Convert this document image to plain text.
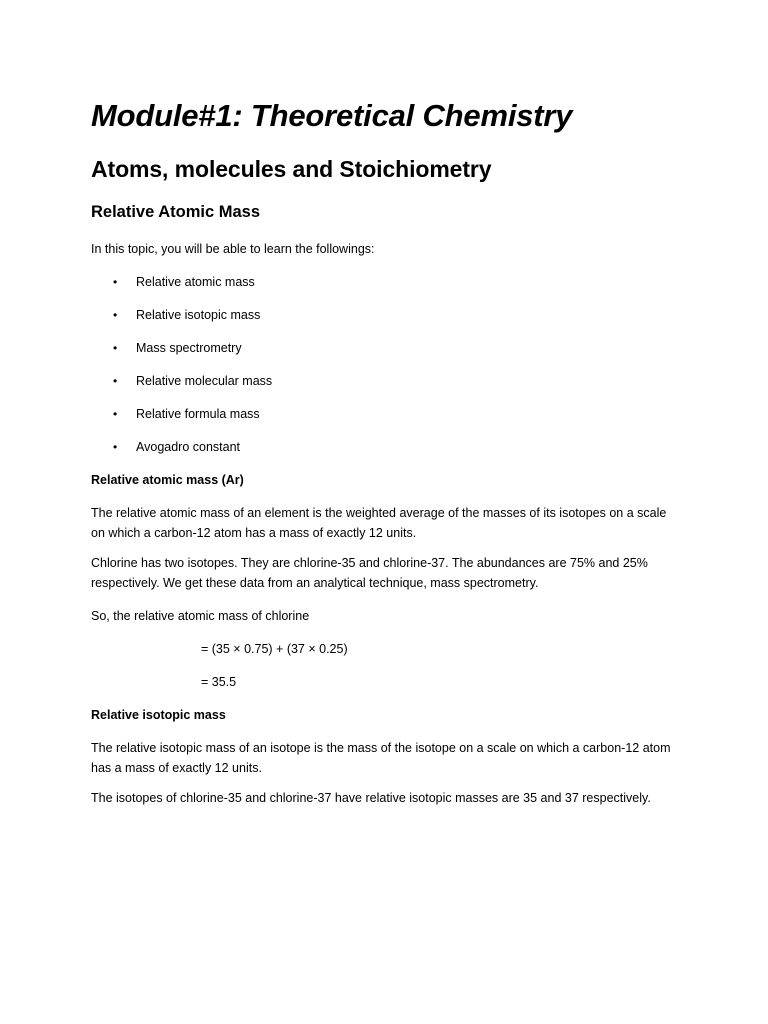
Module#1: Theoretical Chemistry
Atoms, molecules and Stoichiometry
Relative Atomic Mass

In this topic, you will be able to learn the followings:

• Relative atomic mass
• Relative isotopic mass
• Mass spectrometry
• Relative molecular mass
• Relative formula mass
• Avogadro constant

Relative atomic mass (Ar)

The relative atomic mass of an element is the weighted average of the masses of its isotopes on a scale

on which a carbon-12 atom has a mass of exactly 12 units.

Chlorine has two isotopes. They are chlorine-35 and chlorine-37. The abundances are 75% and 25%

respectively. We get these data from an analytical technique, mass spectrometry.

So, the relative atomic mass of chlorine

= (35 × 0.75) + (37 × 0.25)

= 35.5

Relative isotopic mass

The relative isotopic mass of an isotope is the mass of the isotope on a scale on which a carbon-12 atom

has a mass of exactly 12 units.

The isotopes of chlorine-35 and chlorine-37 have relative isotopic masses are 35 and 37 respectively.
